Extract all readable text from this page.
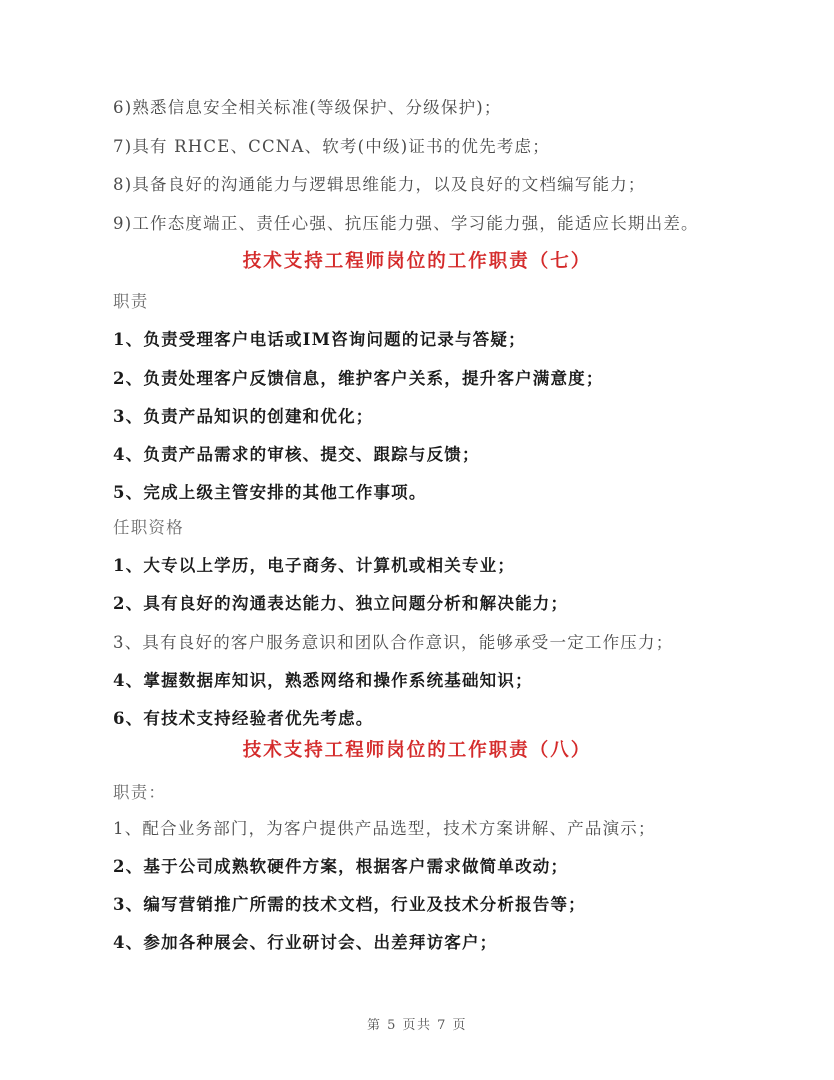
6)熟悉信息安全相关标准(等级保护、分级保护)；
7)具有 RHCE、CCNA、软考(中级)证书的优先考虑；
8)具备良好的沟通能力与逻辑思维能力，以及良好的文档编写能力；
9)工作态度端正、责任心强、抗压能力强、学习能力强，能适应长期出差。
技术支持工程师岗位的工作职责（七）
职责
1、负责受理客户电话或IM咨询问题的记录与答疑；
2、负责处理客户反馈信息，维护客户关系，提升客户满意度；
3、负责产品知识的创建和优化；
4、负责产品需求的审核、提交、跟踪与反馈；
5、完成上级主管安排的其他工作事项。
任职资格
1、大专以上学历，电子商务、计算机或相关专业；
2、具有良好的沟通表达能力、独立问题分析和解决能力；
3、具有良好的客户服务意识和团队合作意识，能够承受一定工作压力；
4、掌握数据库知识，熟悉网络和操作系统基础知识；
6、有技术支持经验者优先考虑。
技术支持工程师岗位的工作职责（八）
职责：
1、配合业务部门，为客户提供产品选型，技术方案讲解、产品演示；
2、基于公司成熟软硬件方案，根据客户需求做简单改动；
3、编写营销推广所需的技术文档，行业及技术分析报告等；
4、参加各种展会、行业研讨会、出差拜访客户；
第 5 页共 7 页
